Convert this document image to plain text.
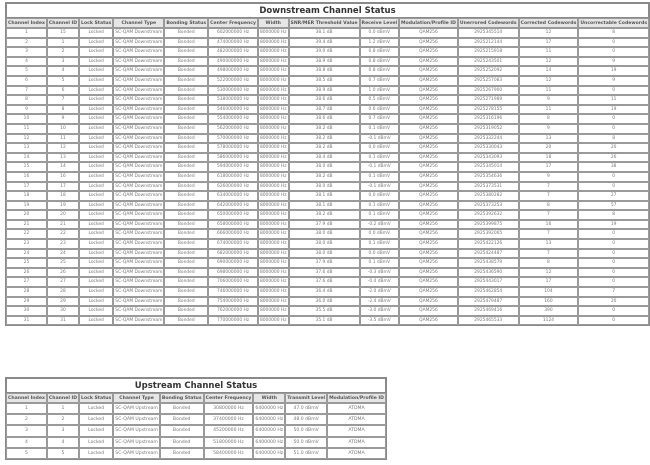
Downstream Channel Status												
Channel Index	Channel ID	Lock Status	Channel Type	Bonding Status	Center Frequency	Width	SNR/MER Threshold Value	Receive Level	Modulation/Profile ID	Unerrored Codewords	Corrected Codewords	Uncorrectable Codewords
1	15	Locked	SC-QAM Downstream	Bonded	602000000 Hz	8000000 Hz	38.1 dB	0.0 dBmV	QAM256	2925345514	12	8
2	1	Locked	SC-QAM Downstream	Bonded	474000000 Hz	8000000 Hz	39.4 dB	1.2 dBmV	QAM256	2925212144	17	0
3	2	Locked	SC-QAM Downstream	Bonded	482000000 Hz	8000000 Hz	39.0 dB	0.8 dBmV	QAM256	2925215918	11	0
4	3	Locked	SC-QAM Downstream	Bonded	490000000 Hz	8000000 Hz	38.9 dB	0.8 dBmV	QAM256	2925243501	12	9
5	4	Locked	SC-QAM Downstream	Bonded	498000000 Hz	8000000 Hz	38.8 dB	0.8 dBmV	QAM256	2925252092	14	19
6	5	Locked	SC-QAM Downstream	Bonded	522000000 Hz	8000000 Hz	38.5 dB	0.7 dBmV	QAM256	2925257083	12	9
7	6	Locked	SC-QAM Downstream	Bonded	530000000 Hz	8000000 Hz	38.9 dB	1.0 dBmV	QAM256	2925267900	11	0
8	7	Locked	SC-QAM Downstream	Bonded	538000000 Hz	8000000 Hz	38.6 dB	0.5 dBmV	QAM256	2925271989	9	11
9	8	Locked	SC-QAM Downstream	Bonded	546000000 Hz	8000000 Hz	38.7 dB	0.6 dBmV	QAM256	2925278155	11	19
10	9	Locked	SC-QAM Downstream	Bonded	554000000 Hz	8000000 Hz	38.6 dB	0.7 dBmV	QAM256	2925316196	8	0
11	10	Locked	SC-QAM Downstream	Bonded	562000000 Hz	8000000 Hz	38.2 dB	0.1 dBmV	QAM256	2925319052	9	0
12	11	Locked	SC-QAM Downstream	Bonded	570000000 Hz	8000000 Hz	38.2 dB	-0.1 dBmV	QAM256	2925332244	13	8
13	12	Locked	SC-QAM Downstream	Bonded	578000000 Hz	8000000 Hz	38.2 dB	0.0 dBmV	QAM256	2925330043	20	20
14	13	Locked	SC-QAM Downstream	Bonded	586000000 Hz	8000000 Hz	38.4 dB	0.1 dBmV	QAM256	2925343093	18	26
15	14	Locked	SC-QAM Downstream	Bonded	594000000 Hz	8000000 Hz	38.0 dB	-0.1 dBmV	QAM256	2925345014	17	38
16	16	Locked	SC-QAM Downstream	Bonded	618000000 Hz	8000000 Hz	38.2 dB	0.1 dBmV	QAM256	2925354636	9	0
17	17	Locked	SC-QAM Downstream	Bonded	626000000 Hz	8000000 Hz	38.0 dB	-0.1 dBmV	QAM256	2925373531	7	0
18	18	Locked	SC-QAM Downstream	Bonded	634000000 Hz	8000000 Hz	38.1 dB	0.0 dBmV	QAM256	2925380282	7	27
19	19	Locked	SC-QAM Downstream	Bonded	642000000 Hz	8000000 Hz	38.1 dB	0.1 dBmV	QAM256	2925373253	8	57
20	20	Locked	SC-QAM Downstream	Bonded	650000000 Hz	8000000 Hz	38.2 dB	0.1 dBmV	QAM256	2925392632	7	8
21	21	Locked	SC-QAM Downstream	Bonded	658000000 Hz	8000000 Hz	37.9 dB	-0.2 dBmV	QAM256	2925399875	16	19
22	22	Locked	SC-QAM Downstream	Bonded	666000000 Hz	8000000 Hz	38.0 dB	0.0 dBmV	QAM256	2925392065	7	0
23	23	Locked	SC-QAM Downstream	Bonded	674000000 Hz	8000000 Hz	38.0 dB	0.1 dBmV	QAM256	2925422126	13	0
24	24	Locked	SC-QAM Downstream	Bonded	682000000 Hz	8000000 Hz	38.0 dB	0.0 dBmV	QAM256	2925424487	7	0
25	25	Locked	SC-QAM Downstream	Bonded	690000000 Hz	8000000 Hz	37.9 dB	0.1 dBmV	QAM256	2925438579	8	0
26	26	Locked	SC-QAM Downstream	Bonded	698000000 Hz	8000000 Hz	37.6 dB	-0.3 dBmV	QAM256	2925436590	12	0
27	27	Locked	SC-QAM Downstream	Bonded	706000000 Hz	8000000 Hz	37.6 dB	-0.4 dBmV	QAM256	2925443017	17	0
28	28	Locked	SC-QAM Downstream	Bonded	746000000 Hz	8000000 Hz	36.4 dB	-2.0 dBmV	QAM256	2925462854	104	7
29	29	Locked	SC-QAM Downstream	Bonded	754000000 Hz	8000000 Hz	36.0 dB	-2.4 dBmV	QAM256	2925479487	160	20
30	30	Locked	SC-QAM Downstream	Bonded	762000000 Hz	8000000 Hz	35.5 dB	-3.0 dBmV	QAM256	2925469416	390	0
31	31	Locked	SC-QAM Downstream	Bonded	770000000 Hz	8000000 Hz	35.1 dB	-3.5 dBmV	QAM256	2925465533	1124	0
Upstream Channel Status								
Channel Index	Channel ID	Lock Status	Channel Type	Bonding Status	Center Frequency	Width	Transmit Level	Modulation/Profile ID
1	1	Locked	SC-QAM Upstream	Bonded	30800000 Hz	6400000 Hz	47.0 dBmV	ATDMA
2	2	Locked	SC-QAM Upstream	Bonded	37400000 Hz	6400000 Hz	48.0 dBmV	ATDMA
3	3	Locked	SC-QAM Upstream	Bonded	45200000 Hz	6400000 Hz	50.0 dBmV	ATDMA
4	4	Locked	SC-QAM Upstream	Bonded	51800000 Hz	6400000 Hz	50.0 dBmV	ATDMA
5	5	Locked	SC-QAM Upstream	Bonded	58400000 Hz	6400000 Hz	51.0 dBmV	ATDMA
